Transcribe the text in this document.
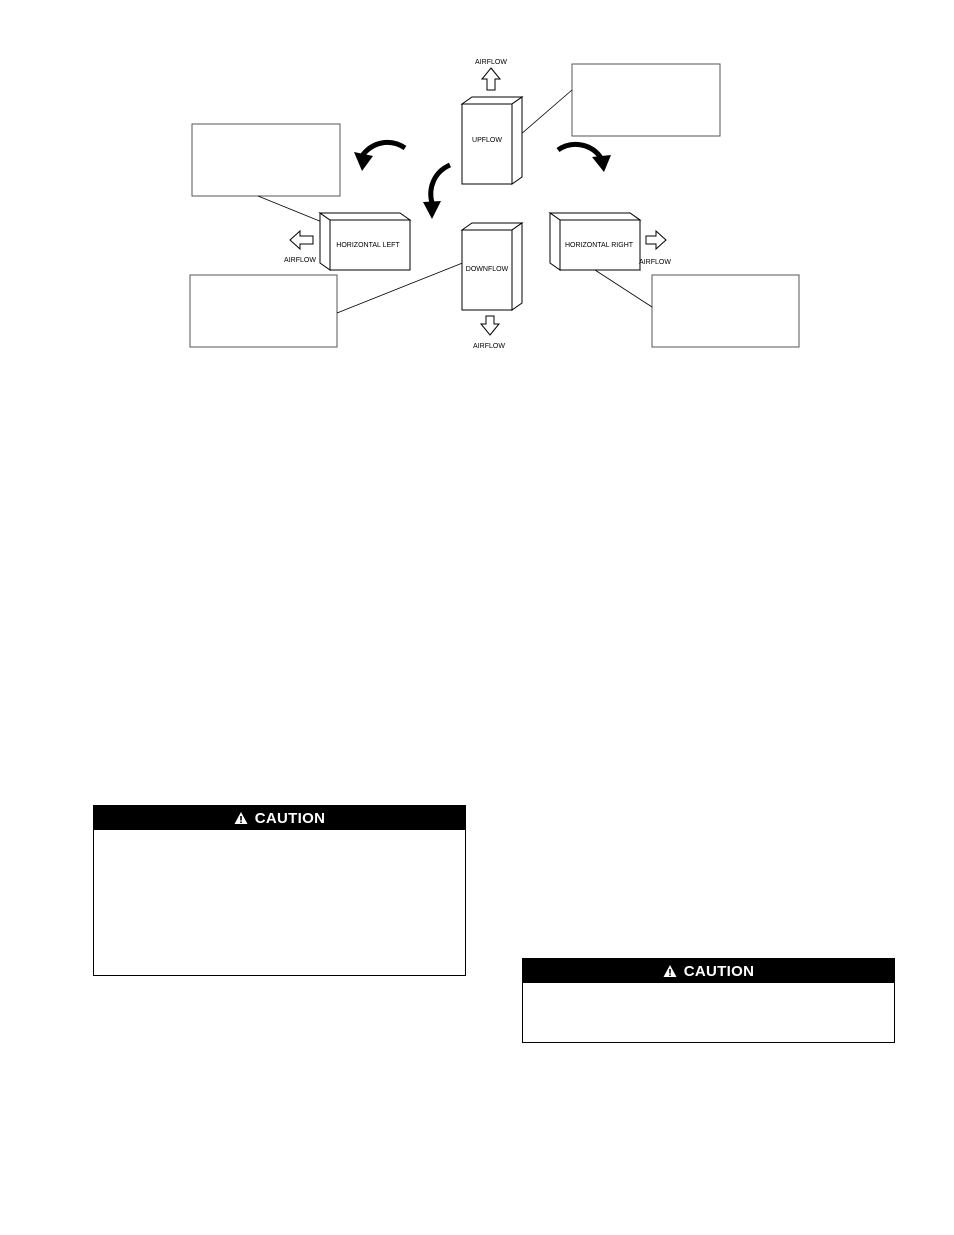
UPFLOW
DOWNFLOW
HORIZONTAL LEFT	HORIZONTAL RIGHT
AIRFLOW
AIRFLOW
AIRFLOW	AIRFLOW
CAUTION
CAUTION
